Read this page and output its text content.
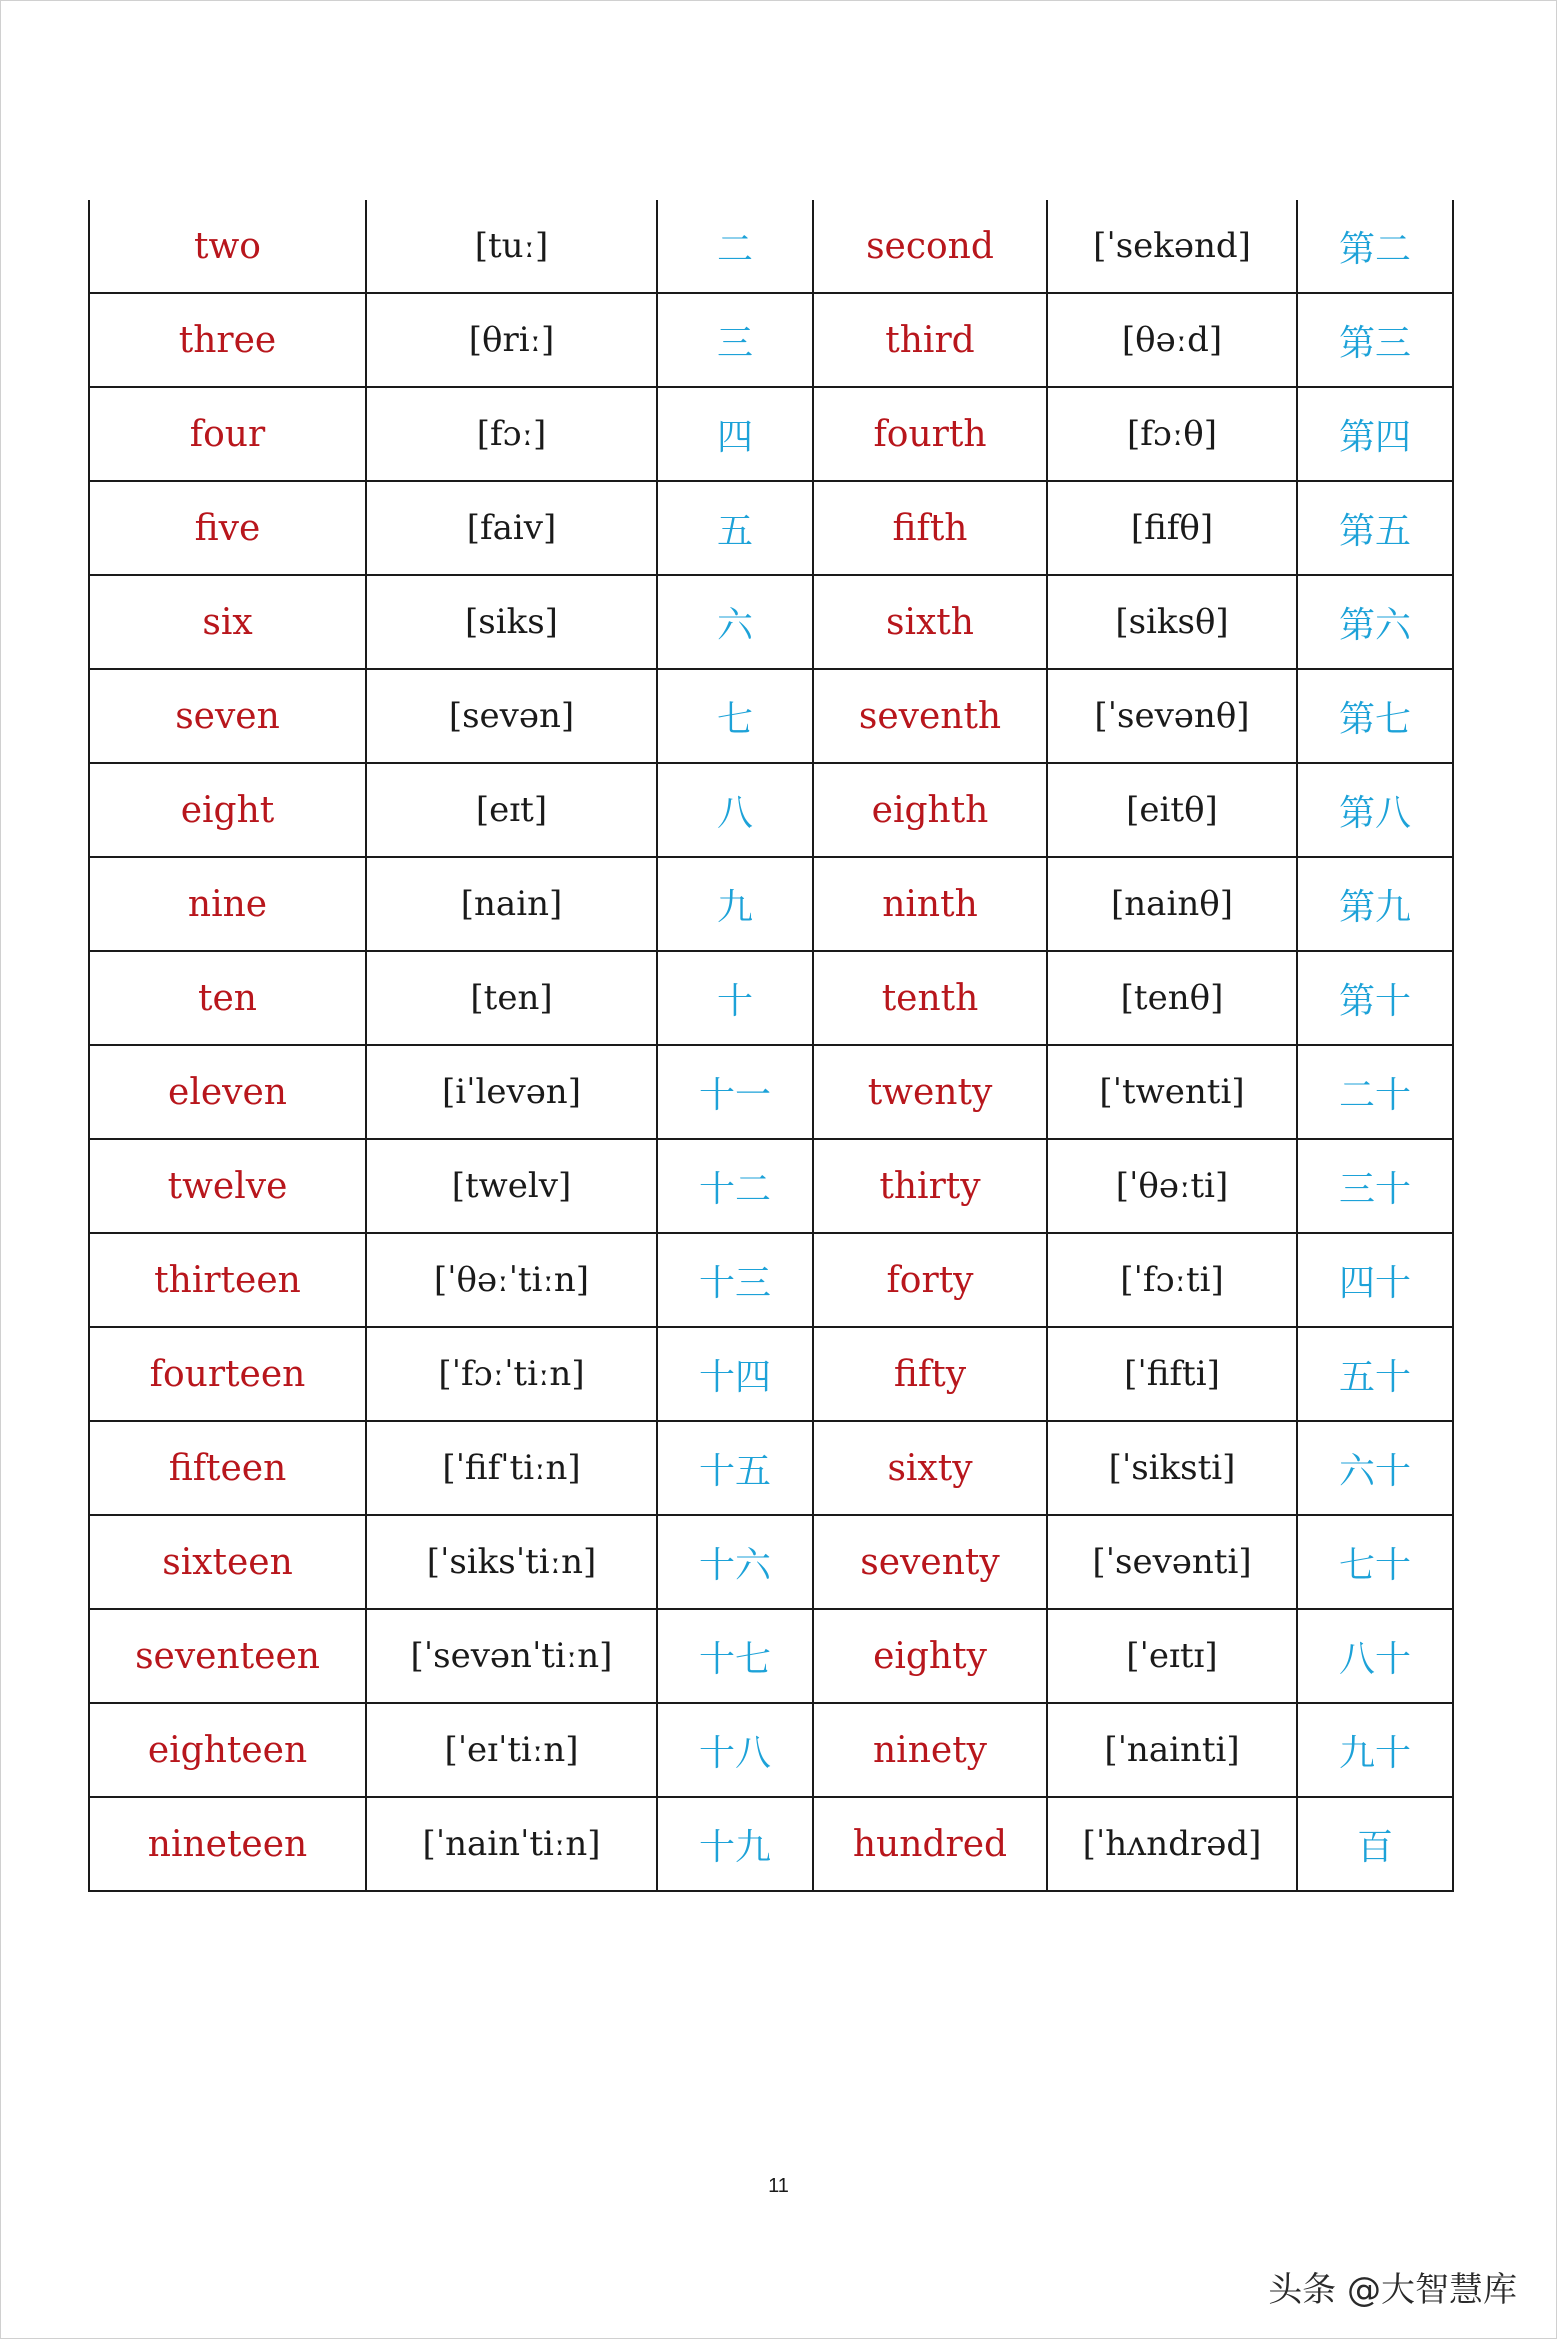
two	[tuː]	二	second	[ˈsekənd]	第二
three	[θriː]	三	third	[θəːd]	第三
four	[fɔː]	四	fourth	[fɔːθ]	第四
five	[faiv]	五	fifth	[fifθ]	第五
six	[siks]	六	sixth	[siksθ]	第六
seven	[sevən]	七	seventh	[ˈsevənθ]	第七
eight	[eɪt]	八	eighth	[eitθ]	第八
nine	[nain]	九	ninth	[nainθ]	第九
ten	[ten]	十	tenth	[tenθ]	第十
eleven	[iˈlevən]	十一	twenty	[ˈtwenti]	二十
twelve	[twelv]	十二	thirty	[ˈθəːti]	三十
thirteen	[ˈθəːˈtiːn]	十三	forty	[ˈfɔːti]	四十
fourteen	[ˈfɔːˈtiːn]	十四	fifty	[ˈfifti]	五十
fifteen	[ˈfifˈtiːn]	十五	sixty	[ˈsiksti]	六十
sixteen	[ˈsiksˈtiːn]	十六	seventy	[ˈsevənti]	七十
seventeen	[ˈsevənˈtiːn]	十七	eighty	[ˈeɪtɪ]	八十
eighteen	[ˈeɪˈtiːn]	十八	ninety	[ˈnainti]	九十
nineteen	[ˈnainˈtiːn]	十九	hundred	[ˈhʌndrəd]	百
11
头条 @大智慧库
